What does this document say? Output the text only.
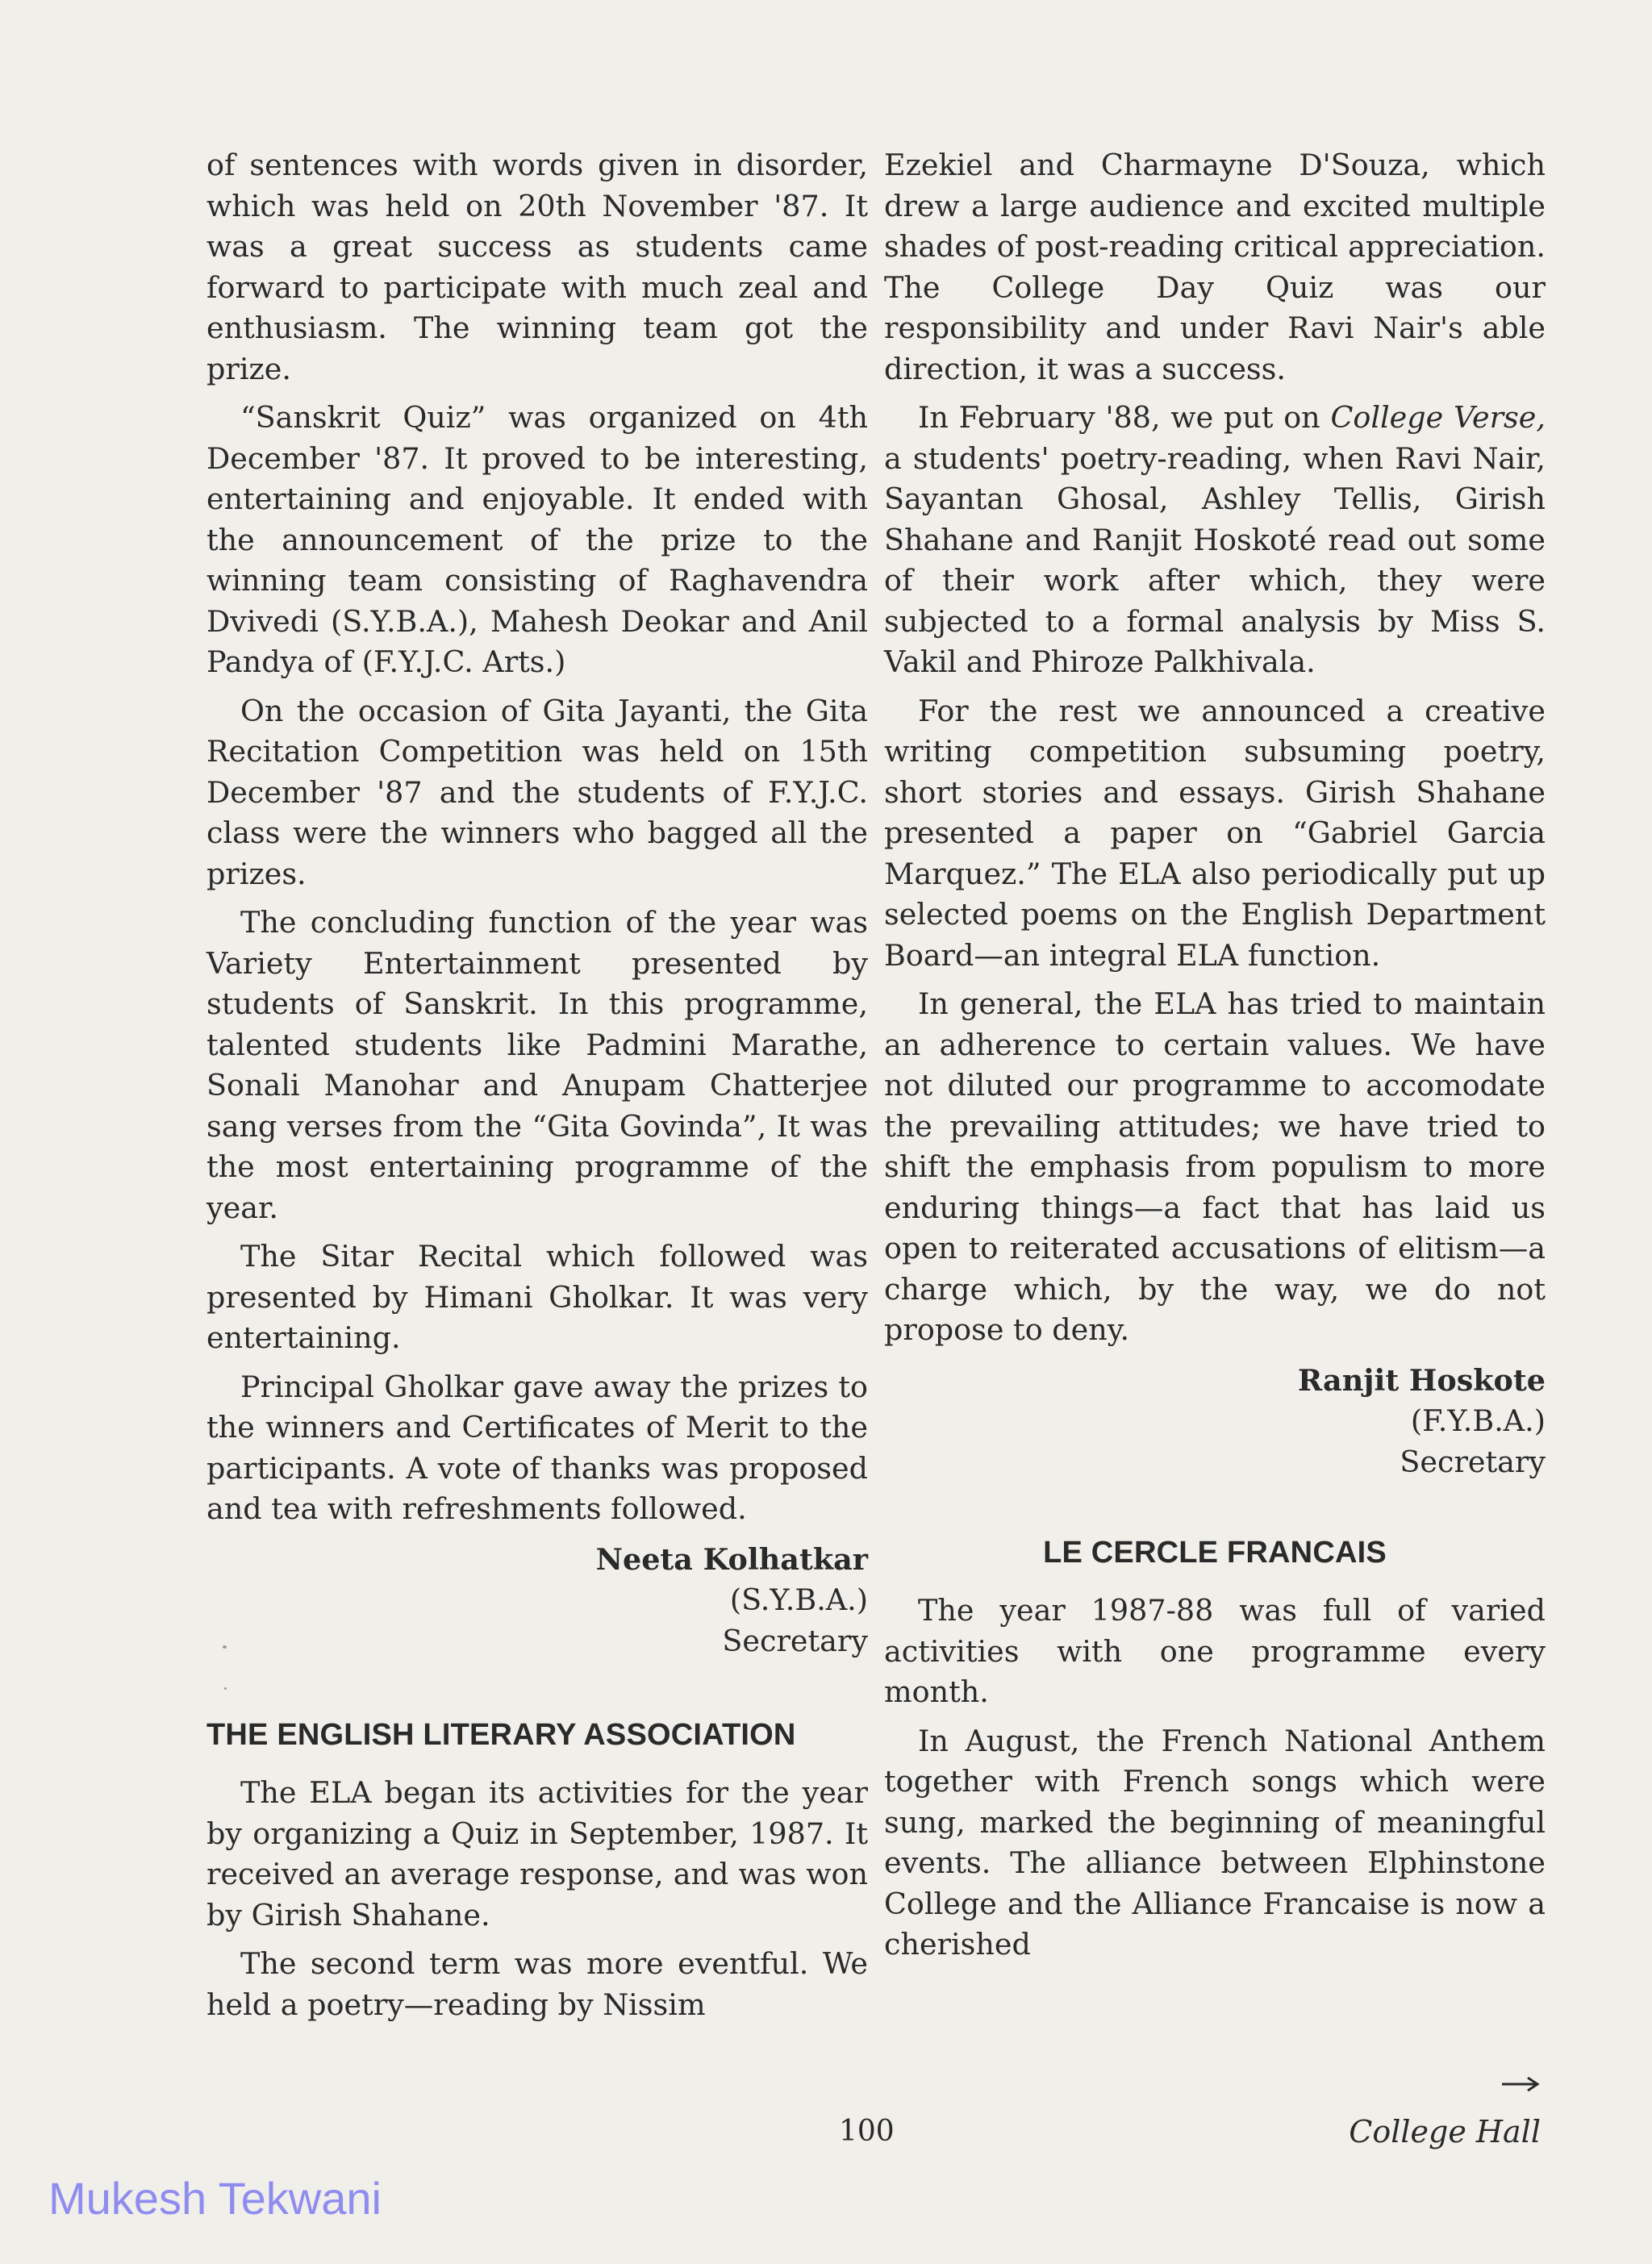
of sentences with words given in disorder, which was held on 20th November '87. It was a great success as students came forward to participate with much zeal and enthusiasm. The winning team got the prize.

“Sanskrit Quiz” was organized on 4th December '87. It proved to be interesting, entertaining and enjoyable. It ended with the announcement of the prize to the winning team consisting of Raghavendra Dvivedi (S.Y.B.A.), Mahesh Deokar and Anil Pandya of (F.Y.J.C. Arts.)

On the occasion of Gita Jayanti, the Gita Recitation Competition was held on 15th December '87 and the students of F.Y.J.C. class were the winners who bagged all the prizes.

The concluding function of the year was Variety Entertainment presented by students of Sanskrit. In this programme, talented students like Padmini Marathe, Sonali Manohar and Anupam Chatterjee sang verses from the “Gita Govinda”, It was the most entertaining programme of the year.

The Sitar Recital which followed was presented by Himani Gholkar. It was very entertaining.

Principal Gholkar gave away the prizes to the winners and Certificates of Merit to the participants. A vote of thanks was proposed and tea with refreshments followed.

Neeta Kolhatkar
(S.Y.B.A.)
Secretary
THE ENGLISH LITERARY ASSOCIATION

The ELA began its activities for the year by organizing a Quiz in September, 1987. It received an average response, and was won by Girish Shahane.

The second term was more eventful. We held a poetry—reading by Nissim

Ezekiel and Charmayne D'Souza, which drew a large audience and excited multiple shades of post-reading critical appreciation. The College Day Quiz was our responsibility and under Ravi Nair's able direction, it was a success.

In February '88, we put on College Verse, a students' poetry-reading, when Ravi Nair, Sayantan Ghosal, Ashley Tellis, Girish Shahane and Ranjit Hoskoté read out some of their work after which, they were subjected to a formal analysis by Miss S. Vakil and Phiroze Palkhivala.

For the rest we announced a creative writing competition subsuming poetry, short stories and essays. Girish Shahane presented a paper on “Gabriel Garcia Marquez.” The ELA also periodically put up selected poems on the English Department Board—an integral ELA function.

In general, the ELA has tried to maintain an adherence to certain values. We have not diluted our programme to accomodate the prevailing attitudes; we have tried to shift the emphasis from populism to more enduring things—a fact that has laid us open to reiterated accusations of elitism—a charge which, by the way, we do not propose to deny.

Ranjit Hoskote
(F.Y.B.A.)
Secretary
LE CERCLE FRANCAIS

The year 1987-88 was full of varied activities with one programme every month.

In August, the French National Anthem together with French songs which were sung, marked the beginning of meaningful events. The alliance between Elphinstone College and the Alliance Francaise is now a cherished

100	College Hall
Mukesh Tekwani
